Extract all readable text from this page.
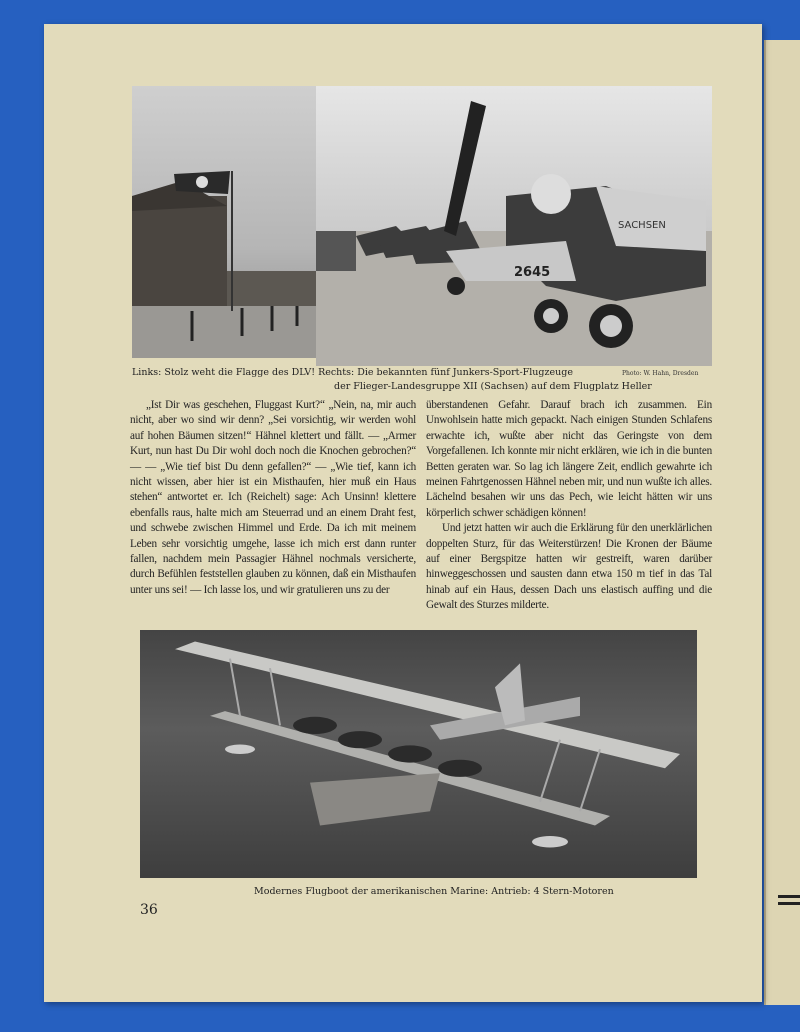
SACHSEN
2645
Links: Stolz weht die Flagge des DLV! Rechts: Die bekannten fünf Junkers-Sport-Flugzeuge	Photo: W. Hahn, Dresden
der Flieger-Landesgruppe XII (Sachsen) auf dem Flugplatz Heller

„Ist Dir was geschehen, Fluggast Kurt?“ „Nein, na, mir auch nicht, aber wo sind wir denn? „Sei vorsichtig, wir werden wohl auf hohen Bäumen sitzen!“ Hähnel klettert und fällt. — „Armer Kurt, nun hast Du Dir wohl doch noch die Knochen gebrochen?“ — — „Wie tief bist Du denn gefallen?“ — „Wie tief, kann ich nicht wissen, aber hier ist ein Misthaufen, hier muß ein Haus stehen“ antwortet er. Ich (Reichelt) sage: Ach Unsinn! klettere ebenfalls raus, halte mich am Steuerrad und an einem Draht fest, und schwebe zwischen Himmel und Erde. Da ich mit meinem Leben sehr vorsichtig umgehe, lasse ich mich erst dann runter fallen, nachdem mein Passagier Hähnel nochmals versicherte, durch Befühlen feststellen glauben zu können, daß ein Misthaufen unter uns sei! — Ich lasse los, und wir gratulieren uns zu der

überstandenen Gefahr. Darauf brach ich zusammen. Ein Unwohlsein hatte mich gepackt. Nach einigen Stunden Schlafens erwachte ich, wußte aber nicht das Geringste von dem Vorgefallenen. Ich konnte mir nicht erklären, wie ich in die bunten Betten geraten war. So lag ich längere Zeit, endlich gewahrte ich meinen Fahrtgenossen Hähnel neben mir, und nun wußte ich alles. Lächelnd besahen wir uns das Pech, wie leicht hätten wir uns körperlich schwer schädigen können!

Und jetzt hatten wir auch die Erklärung für den unerklärlichen doppelten Sturz, für das Weiterstürzen! Die Kronen der Bäume auf einer Bergspitze hatten wir gestreift, waren darüber hinweggeschossen und sausten dann etwa 150 m tief in das Tal hinab auf ein Haus, dessen Dach uns elastisch auffing und die Gewalt des Sturzes milderte.

Modernes Flugboot der amerikanischen Marine: Antrieb: 4 Stern-Motoren
36
